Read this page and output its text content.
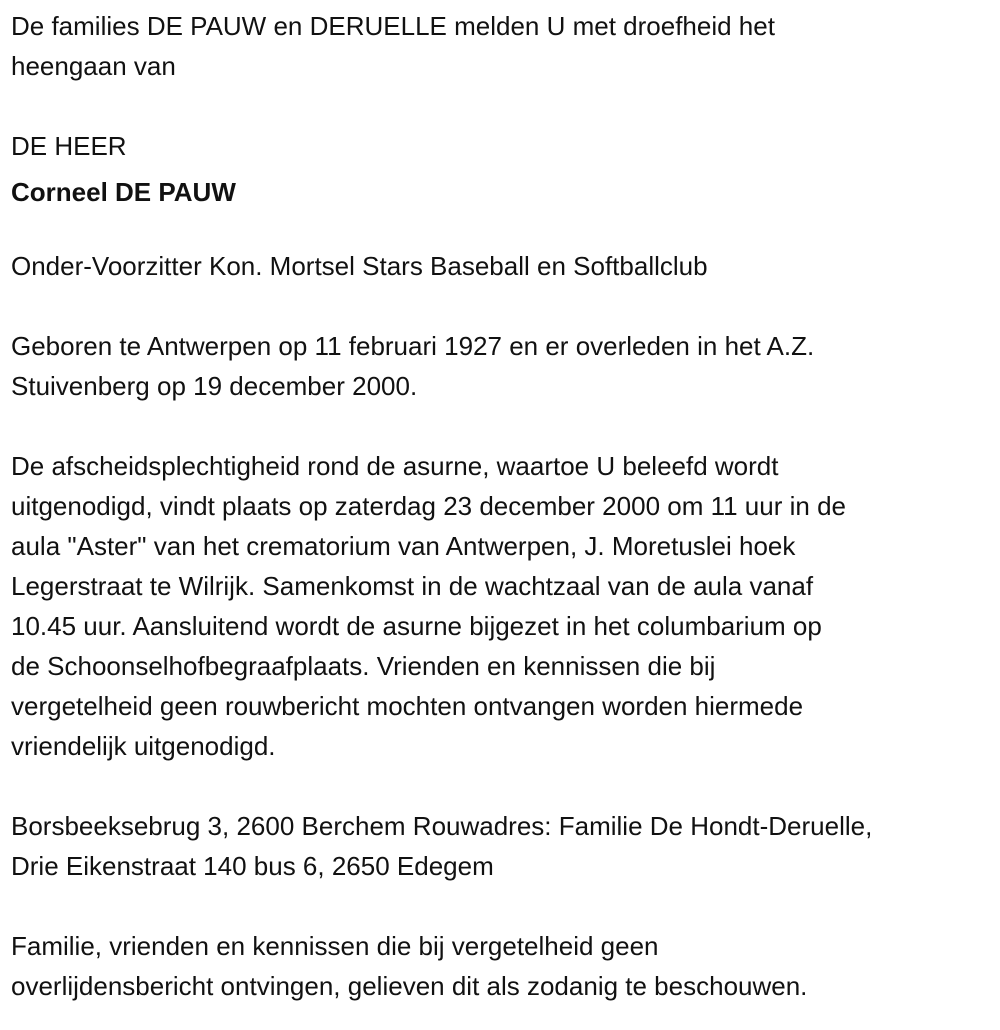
De families DE PAUW en DERUELLE melden U met droefheid het
heengaan van
DE HEER
Corneel DE PAUW
Onder-Voorzitter Kon. Mortsel Stars Baseball en Softballclub
Geboren te Antwerpen op 11 februari 1927 en er overleden in het A.Z.
Stuivenberg op 19 december 2000.
De afscheidsplechtigheid rond de asurne, waartoe U beleefd wordt
uitgenodigd, vindt plaats op zaterdag 23 december 2000 om 11 uur in de
aula "Aster" van het crematorium van Antwerpen, J. Moretuslei hoek
Legerstraat te Wilrijk. Samenkomst in de wachtzaal van de aula vanaf
10.45 uur. Aansluitend wordt de asurne bijgezet in het columbarium op
de Schoonselhofbegraafplaats. Vrienden en kennissen die bij
vergetelheid geen rouwbericht mochten ontvangen worden hiermede
vriendelijk uitgenodigd.
Borsbeeksebrug 3, 2600 Berchem Rouwadres: Familie De Hondt-Deruelle,
Drie Eikenstraat 140 bus 6, 2650 Edegem
Familie, vrienden en kennissen die bij vergetelheid geen
overlijdensbericht ontvingen, gelieven dit als zodanig te beschouwen.
